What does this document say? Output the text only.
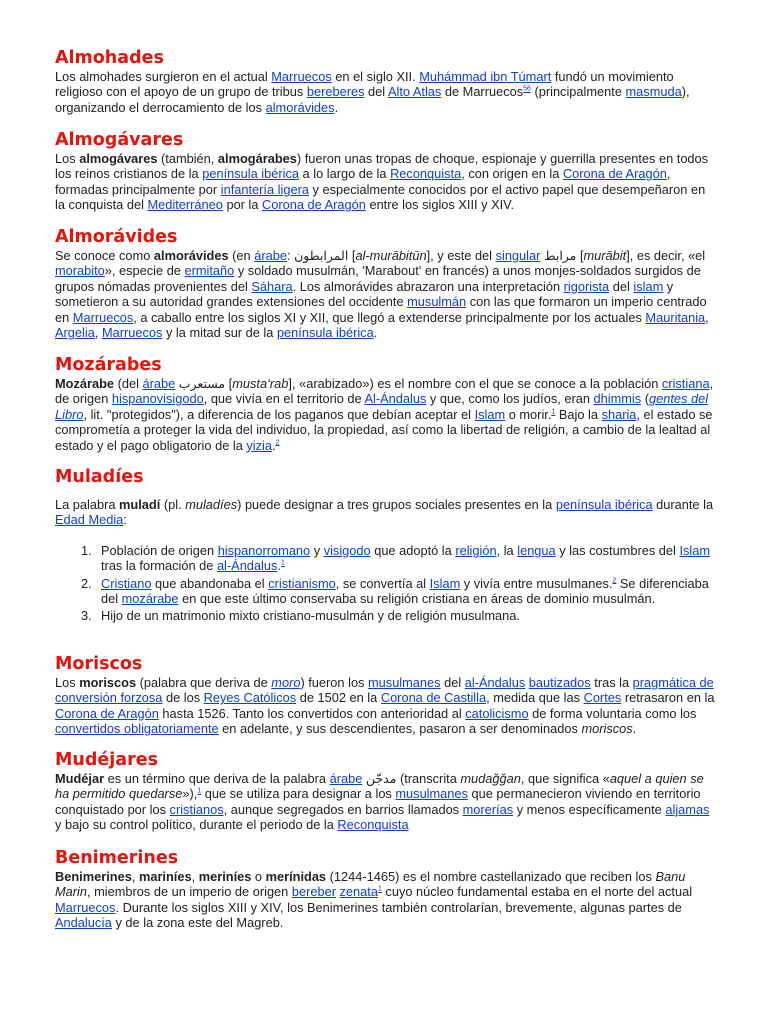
Almohades

Los almohades surgieron en el actual Marruecos en el siglo XII. Muhámmad ibn Túmart fundó un movimiento religioso con el apoyo de un grupo de tribus bereberes del Alto Atlas de Marruecos$^{56}$ (principalmente masmuda), organizando el derrocamiento de los almorávides.

Almogávares

Los almogávares (también, almogárabes) fueron unas tropas de choque, espionaje y guerrilla presentes en todos los reinos cristianos de la península ibérica a lo largo de la Reconquista, con origen en la Corona de Aragón, formadas principalmente por infantería ligera y especialmente conocidos por el activo papel que desempeñaron en la conquista del Mediterráneo por la Corona de Aragón entre los siglos XIII y XIV.

Almorávides

Se conoce como almorávides (en árabe: المرابطون [al-murābitūn], y este del singular مرابط [murābit], es decir, «el morabito», especie de ermitaño y soldado musulmán, 'Marabout' en francés) a unos monjes-soldados surgidos de grupos nómadas provenientes del Sáhara. Los almorávides abrazaron una interpretación rigorista del islam y sometieron a su autoridad grandes extensiones del occidente musulmán con las que formaron un imperio centrado en Marruecos, a caballo entre los siglos XI y XII, que llegó a extenderse principalmente por los actuales Mauritania, Argelia, Marruecos y la mitad sur de la península ibérica.

Mozárabes

Mozárabe (del árabe مستعرب [musta‘rab], «arabizado») es el nombre con el que se conoce a la población cristiana, de origen hispanovisigodo, que vivía en el territorio de Al-Ándalus y que, como los judíos, eran dhimmis (gentes del Libro, lit. "protegidos"), a diferencia de los paganos que debían aceptar el Islam o morir.$^1$ Bajo la sharia, el estado se comprometía a proteger la vida del individuo, la propiedad, así como la libertad de religión, a cambio de la lealtad al estado y el pago obligatorio de la yizia.$^2$

Muladíes

La palabra muladí (pl. muladíes) puede designar a tres grupos sociales presentes en la península ibérica durante la Edad Media:

1. Población de origen hispanorromano y visigodo que adoptó la religión, la lengua y las costumbres del Islam tras la formación de al-Ándalus.$^1$
2. Cristiano que abandonaba el cristianismo, se convertía al Islam y vivía entre musulmanes.$^2$ Se diferenciaba del mozárabe en que este último conservaba su religión cristiana en áreas de dominio musulmán.
3. Hijo de un matrimonio mixto cristiano-musulmán y de religión musulmana.
Moriscos

Los moriscos (palabra que deriva de moro) fueron los musulmanes del al-Ándalus bautizados tras la pragmática de conversión forzosa de los Reyes Católicos de 1502 en la Corona de Castilla, medida que las Cortes retrasaron en la Corona de Aragón hasta 1526. Tanto los convertidos con anterioridad al catolicismo de forma voluntaria como los convertidos obligatoriamente en adelante, y sus descendientes, pasaron a ser denominados moriscos.

Mudéjares

Mudéjar es un término que deriva de la palabra árabe مدجّن (transcrita mudaǧǧan, que significa «aquel a quien se ha permitido quedarse»),$^1$ que se utiliza para designar a los musulmanes que permanecieron viviendo en territorio conquistado por los cristianos, aunque segregados en barrios llamados morerías y menos específicamente aljamas y bajo su control político, durante el periodo de la Reconquista

Benimerines

Benimerines, mariníes, meriníes o merínidas (1244-1465) es el nombre castellanizado que reciben los Banu Marin, miembros de un imperio de origen bereber zenata$^1$ cuyo núcleo fundamental estaba en el norte del actual Marruecos. Durante los siglos XIII y XIV, los Benimerines también controlarían, brevemente, algunas partes de Andalucía y de la zona este del Magreb.
